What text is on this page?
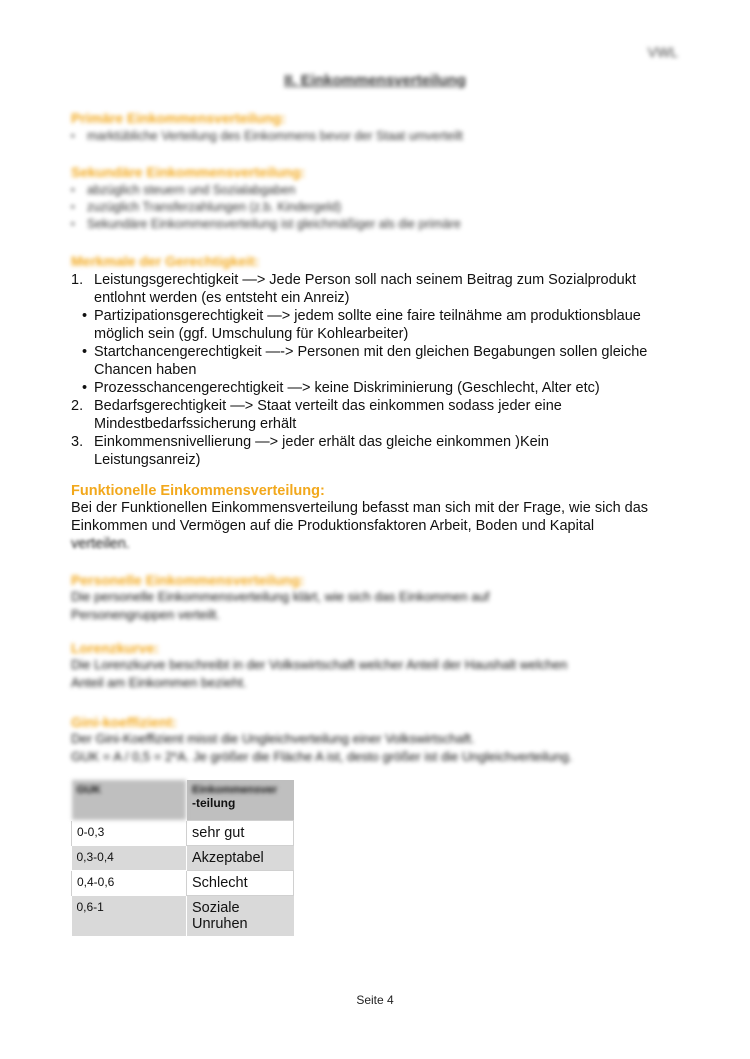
VWL
II. Einkommensverteilung
Primäre Einkommensverteilung:
▪ marktübliche Verteilung des Einkommens bevor der Staat umverteilt
Sekundäre Einkommensverteilung:
▪ abzüglich steuern und Sozialabgaben
▪ zuzüglich Transferzahlungen (z.b. Kindergeld)
▪ Sekundäre Einkommensverteilung ist gleichmäßiger als die primäre
Merkmale der Gerechtigkeit:
1. Leistungsgerechtigkeit —> Jede Person soll nach seinem Beitrag zum Sozialprodukt
entlohnt werden (es entsteht ein Anreiz)
• Partizipationsgerechtigkeit —> jedem sollte eine faire teilnähme am produktionsblaue
möglich sein (ggf. Umschulung für Kohlearbeiter)
• Startchancengerechtigkeit —-> Personen mit den gleichen Begabungen sollen gleiche
Chancen haben
• Prozesschancengerechtigkeit —> keine Diskriminierung (Geschlecht, Alter etc)
2. Bedarfsgerechtigkeit —> Staat verteilt das einkommen sodass jeder eine
Mindestbedarfssicherung erhält
3. Einkommensnivellierung —> jeder erhält das gleiche einkommen )Kein
Leistungsanreiz)
Funktionelle Einkommensverteilung:
Bei der Funktionellen Einkommensverteilung befasst man sich mit der Frage, wie sich das
Einkommen und Vermögen auf die Produktionsfaktoren Arbeit, Boden und Kapital
verteilen.
Personelle Einkommensverteilung:
Die personelle Einkommensverteilung klärt, wie sich das Einkommen auf
Personengruppen verteilt.
Lorenzkurve:
Die Lorenzkurve beschreibt in der Volkswirtschaft welcher Anteil der Haushalt welchen
Anteil am Einkommen bezieht.
Gini-koeffizient:
Der Gini-Koeffizient misst die Ungleichverteilung einer Volkswirtschaft.
GUK = A / 0,5 = 2*A. Je größer die Fläche A ist, desto größer ist die Ungleichverteilung.
GUK	Einkommensver
-teilung

0-0,3	sehr gut
0,3-0,4	Akzeptabel
0,4-0,6	Schlecht
0,6-1	Soziale
Unruhen
Seite 4
